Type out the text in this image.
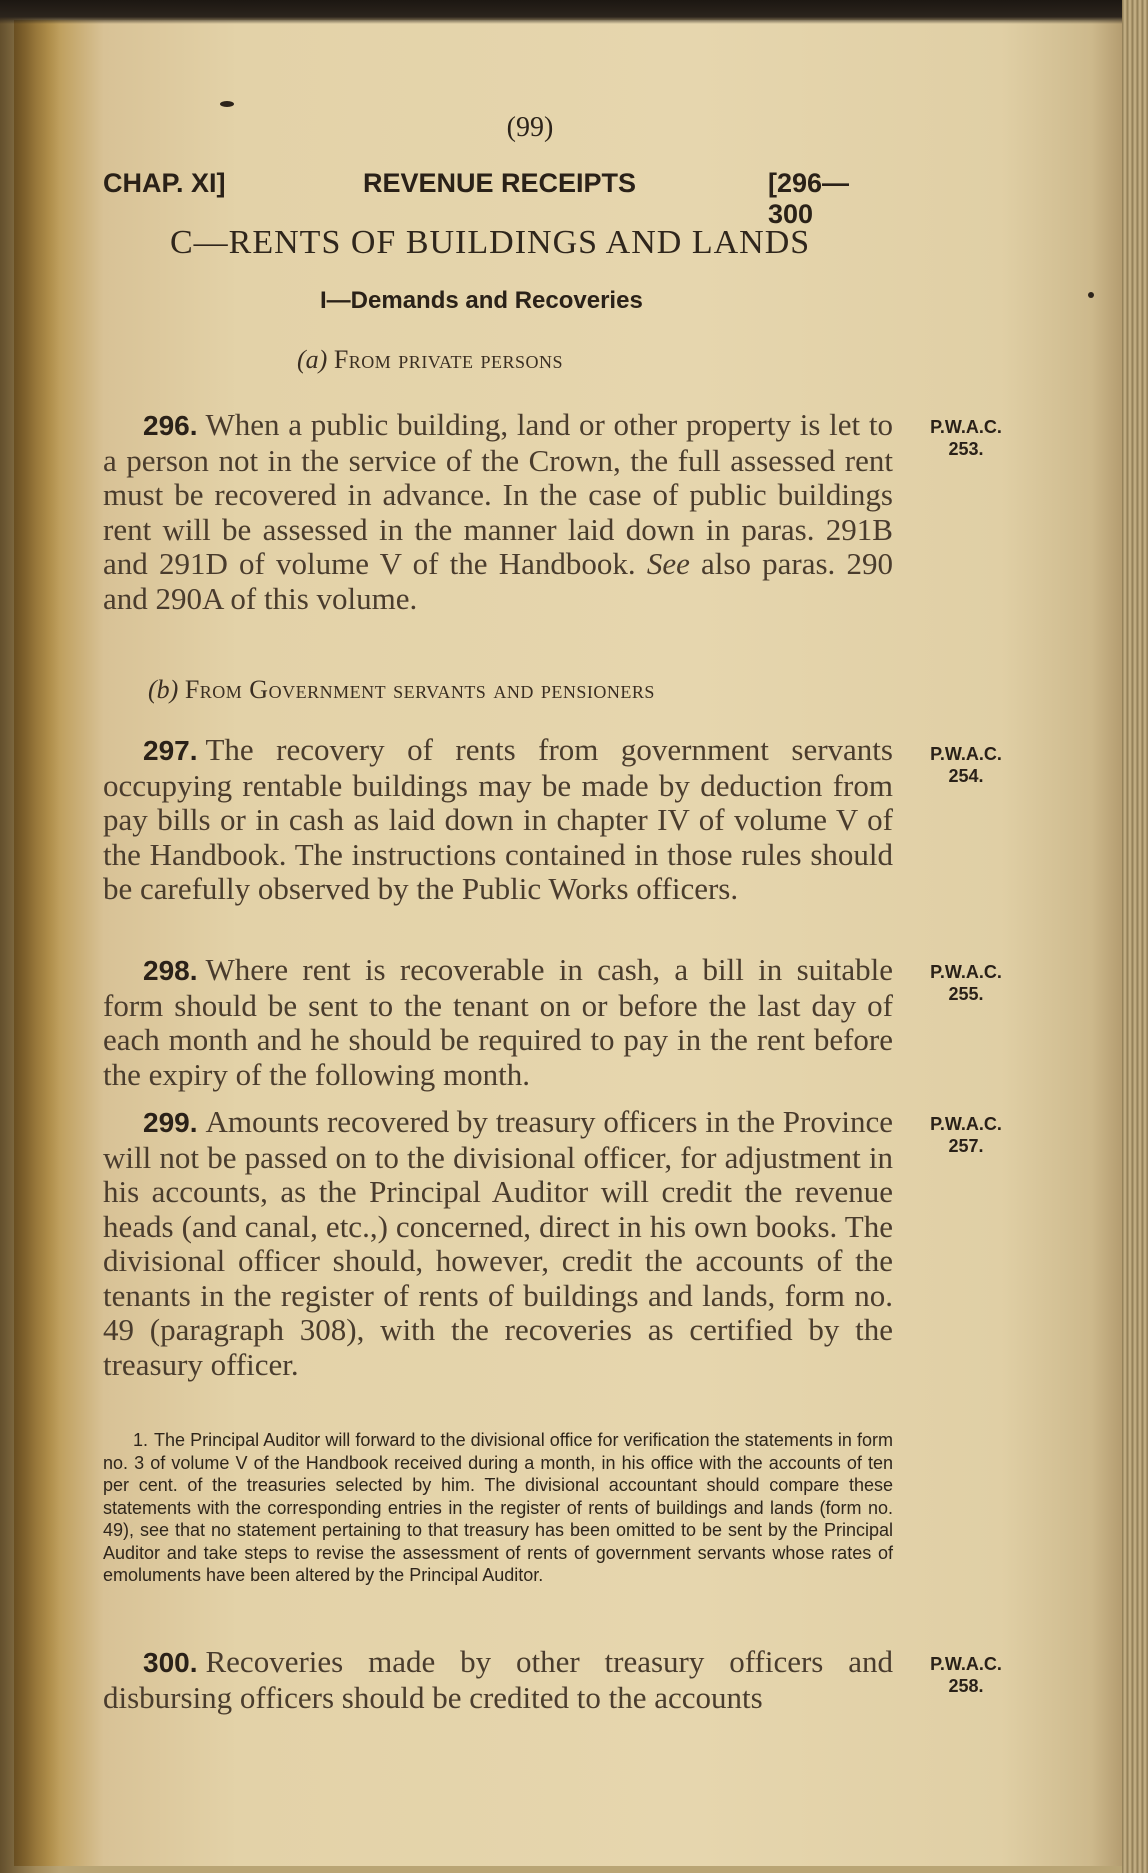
(99)
CHAP. XI]	REVENUE RECEIPTS	[296—300
C—RENTS OF BUILDINGS AND LANDS
I—Demands and Recoveries
(a) From private persons
296. When a public building, land or other property is let to a person not in the service of the Crown, the full assessed rent must be recovered in advance. In the case of public buildings rent will be assessed in the manner laid down in paras. 291B and 291D of volume V of the Handbook. See also paras. 290 and 290A of this volume.
P.W.A.C.
253.
(b) From Government servants and pensioners
297. The recovery of rents from government servants occupying rentable buildings may be made by deduction from pay bills or in cash as laid down in chapter IV of volume V of the Handbook. The instructions contained in those rules should be carefully observed by the Public Works officers.
P.W.A.C.
254.
298. Where rent is recoverable in cash, a bill in suitable form should be sent to the tenant on or before the last day of each month and he should be required to pay in the rent before the expiry of the following month.
P.W.A.C.
255.
299. Amounts recovered by treasury officers in the Province will not be passed on to the divisional officer, for adjustment in his accounts, as the Principal Auditor will credit the revenue heads (and canal, etc.,) concerned, direct in his own books. The divisional officer should, however, credit the accounts of the tenants in the register of rents of buildings and lands, form no. 49 (paragraph 308), with the recoveries as certified by the treasury officer.
P.W.A.C.
257.
1. The Principal Auditor will forward to the divisional office for verification the statements in form no. 3 of volume V of the Handbook received during a month, in his office with the accounts of ten per cent. of the treasuries selected by him. The divisional accountant should compare these statements with the corresponding entries in the register of rents of buildings and lands (form no. 49), see that no statement pertaining to that treasury has been omitted to be sent by the Principal Auditor and take steps to revise the assessment of rents of government servants whose rates of emoluments have been altered by the Principal Auditor.
300. Recoveries made by other treasury officers and disbursing officers should be credited to the accounts
P.W.A.C.
258.
